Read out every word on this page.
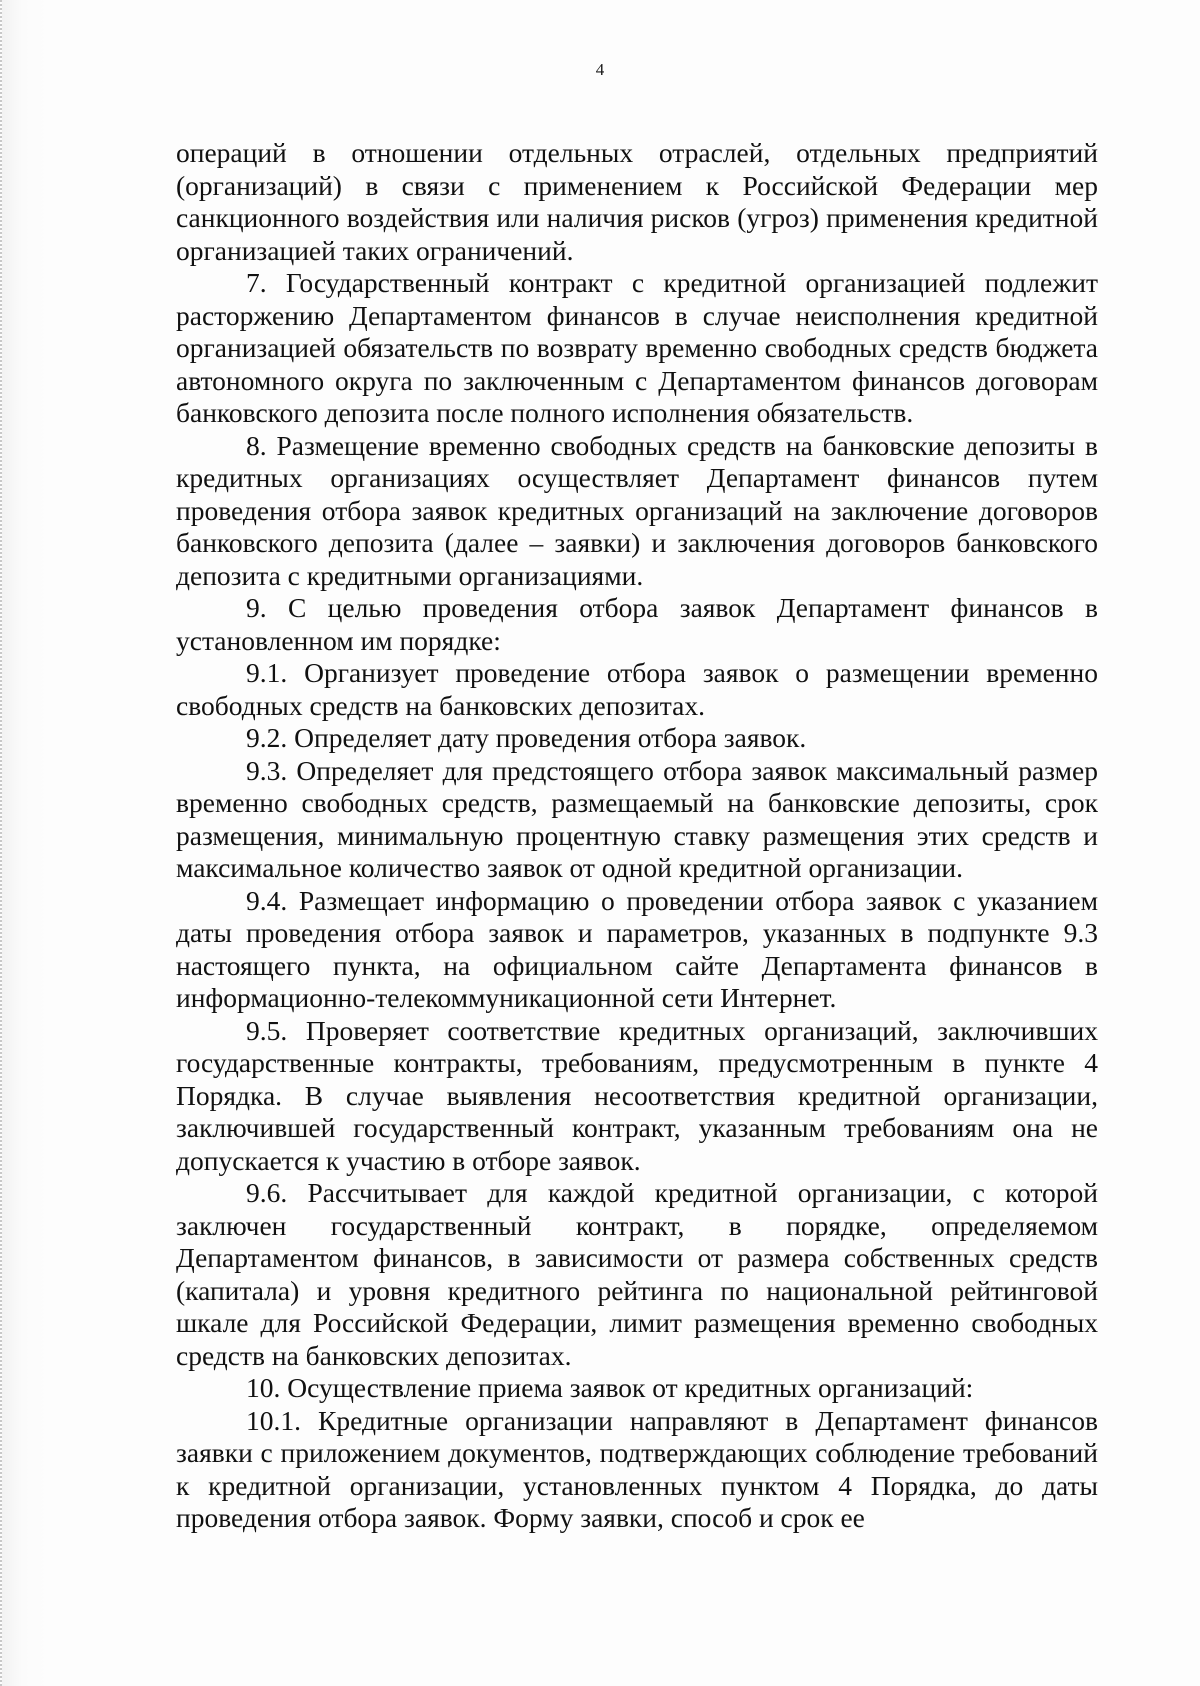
4

операций в отношении отдельных отраслей, отдельных предприятий (организаций) в связи с применением к Российской Федерации мер санкционного воздействия или наличия рисков (угроз) применения кредитной организацией таких ограничений.

7. Государственный контракт с кредитной организацией подлежит расторжению Департаментом финансов в случае неисполнения кредитной организацией обязательств по возврату временно свободных средств бюджета автономного округа по заключенным с Департаментом финансов договорам банковского депозита после полного исполнения обязательств.

8. Размещение временно свободных средств на банковские депозиты в кредитных организациях осуществляет Департамент финансов путем проведения отбора заявок кредитных организаций на заключение договоров банковского депозита (далее – заявки) и заключения договоров банковского депозита с кредитными организациями.

9. С целью проведения отбора заявок Департамент финансов в установленном им порядке:

9.1. Организует проведение отбора заявок о размещении временно свободных средств на банковских депозитах.

9.2. Определяет дату проведения отбора заявок.

9.3. Определяет для предстоящего отбора заявок максимальный размер временно свободных средств, размещаемый на банковские депозиты, срок размещения, минимальную процентную ставку размещения этих средств и максимальное количество заявок от одной кредитной организации.

9.4. Размещает информацию о проведении отбора заявок с указанием даты проведения отбора заявок и параметров, указанных в подпункте 9.3 настоящего пункта, на официальном сайте Департамента финансов в информационно-телекоммуникационной сети Интернет.

9.5. Проверяет соответствие кредитных организаций, заключивших государственные контракты, требованиям, предусмотренным в пункте 4 Порядка. В случае выявления несоответствия кредитной организации, заключившей государственный контракт, указанным требованиям она не допускается к участию в отборе заявок.

9.6. Рассчитывает для каждой кредитной организации, с которой заключен государственный контракт, в порядке, определяемом Департаментом финансов, в зависимости от размера собственных средств (капитала) и уровня кредитного рейтинга по национальной рейтинговой шкале для Российской Федерации, лимит размещения временно свободных средств на банковских депозитах.

10. Осуществление приема заявок от кредитных организаций:

10.1. Кредитные организации направляют в Департамент финансов заявки с приложением документов, подтверждающих соблюдение требований к кредитной организации, установленных пунктом 4 Порядка, до даты проведения отбора заявок. Форму заявки, способ и срок ее
